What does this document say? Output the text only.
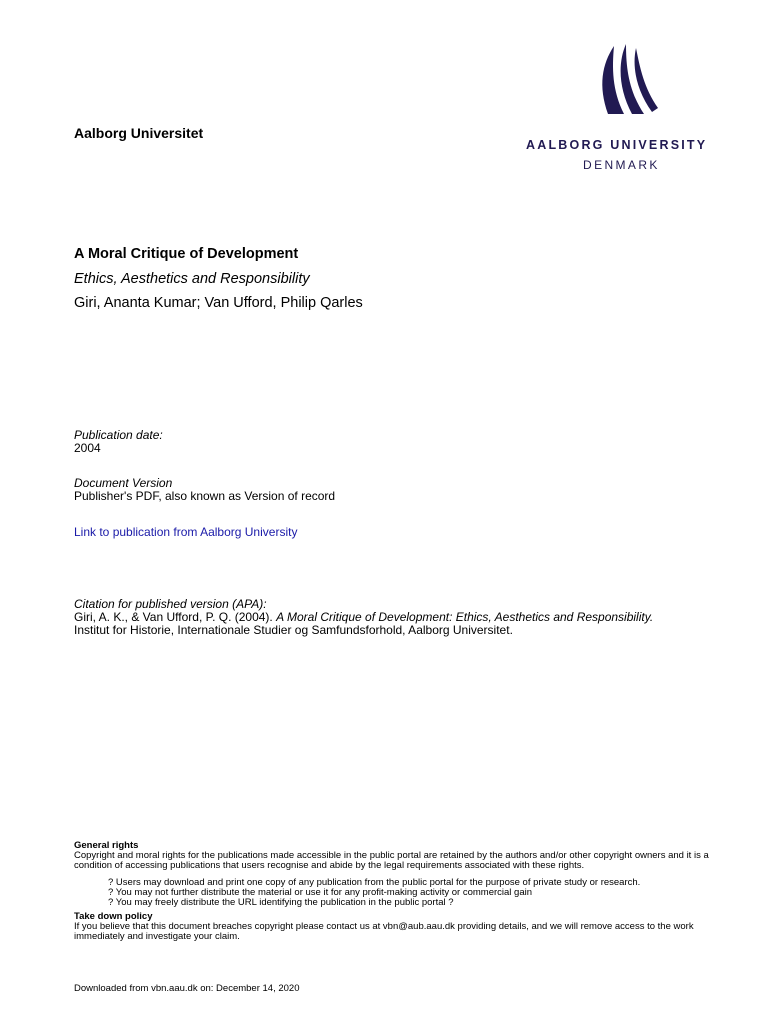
Aalborg Universitet
AALBORG UNIVERSITY
DENMARK
A Moral Critique of Development
Ethics, Aesthetics and Responsibility
Giri, Ananta Kumar; Van Ufford, Philip Qarles
Publication date:
2004
Document Version
Publisher's PDF, also known as Version of record
Link to publication from Aalborg University
Citation for published version (APA):
Giri, A. K., & Van Ufford, P. Q. (2004). A Moral Critique of Development: Ethics, Aesthetics and Responsibility.
Institut for Historie, Internationale Studier og Samfundsforhold, Aalborg Universitet.
General rights
Copyright and moral rights for the publications made accessible in the public portal are retained by the authors and/or other copyright owners and it is a condition of accessing publications that users recognise and abide by the legal requirements associated with these rights.
? Users may download and print one copy of any publication from the public portal for the purpose of private study or research.
? You may not further distribute the material or use it for any profit-making activity or commercial gain
? You may freely distribute the URL identifying the publication in the public portal ?
Take down policy
If you believe that this document breaches copyright please contact us at vbn@aub.aau.dk providing details, and we will remove access to the work immediately and investigate your claim.
Downloaded from vbn.aau.dk on: December 14, 2020
